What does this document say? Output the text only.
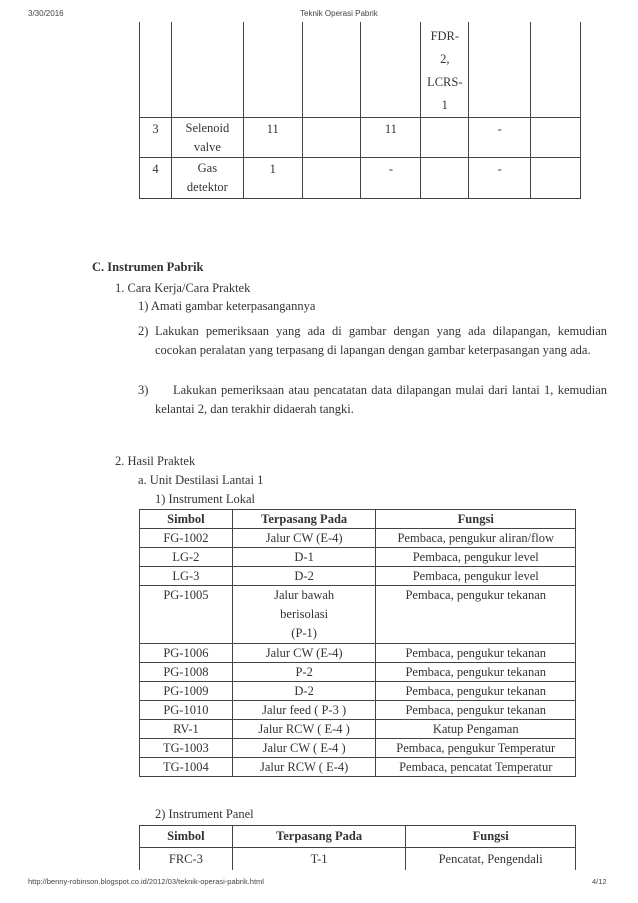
3/30/2016	Teknik Operasi Pabrik

					FDR-
2,
LCRS-
1		

3	Selenoid
valve	11		11		-	
4	Gas
detektor	1		-		-	
C. Instrumen Pabrik
1. Cara Kerja/Cara Praktek
1) Amati gambar keterpasangannya
2) Lakukan pemeriksaan yang ada di gambar dengan yang ada dilapangan, kemudian cocokan peralatan yang terpasang di lapangan dengan gambar keterpasangan yang ada.
3)	Lakukan pemeriksaan atau pencatatan data dilapangan mulai dari lantai 1, kemudian kelantai 2, dan terakhir didaerah tangki.
2. Hasil Praktek
a. Unit Destilasi Lantai 1
1) Instrument Lokal
Simbol	Terpasang Pada	Fungsi
FG-1002	Jalur CW (E-4)	Pembaca, pengukur aliran/flow
LG-2	D-1	Pembaca, pengukur level
LG-3	D-2	Pembaca, pengukur level
PG-1005	Jalur bawah
berisolasi
(P-1)	Pembaca, pengukur tekanan
PG-1006	Jalur CW (E-4)	Pembaca, pengukur tekanan
PG-1008	P-2	Pembaca, pengukur tekanan
PG-1009	D-2	Pembaca, pengukur tekanan
PG-1010	Jalur feed ( P-3 )	Pembaca, pengukur tekanan
RV-1	Jalur RCW ( E-4 )	Katup Pengaman
TG-1003	Jalur CW ( E-4 )	Pembaca, pengukur Temperatur
TG-1004	Jalur RCW ( E-4)	Pembaca, pencatat Temperatur
2) Instrument Panel
Simbol	Terpasang Pada	Fungsi
FRC-3	T-1	Pencatat, Pengendali
http://benny-robinson.blogspot.co.id/2012/03/teknik-operasi-pabrik.html	4/12
